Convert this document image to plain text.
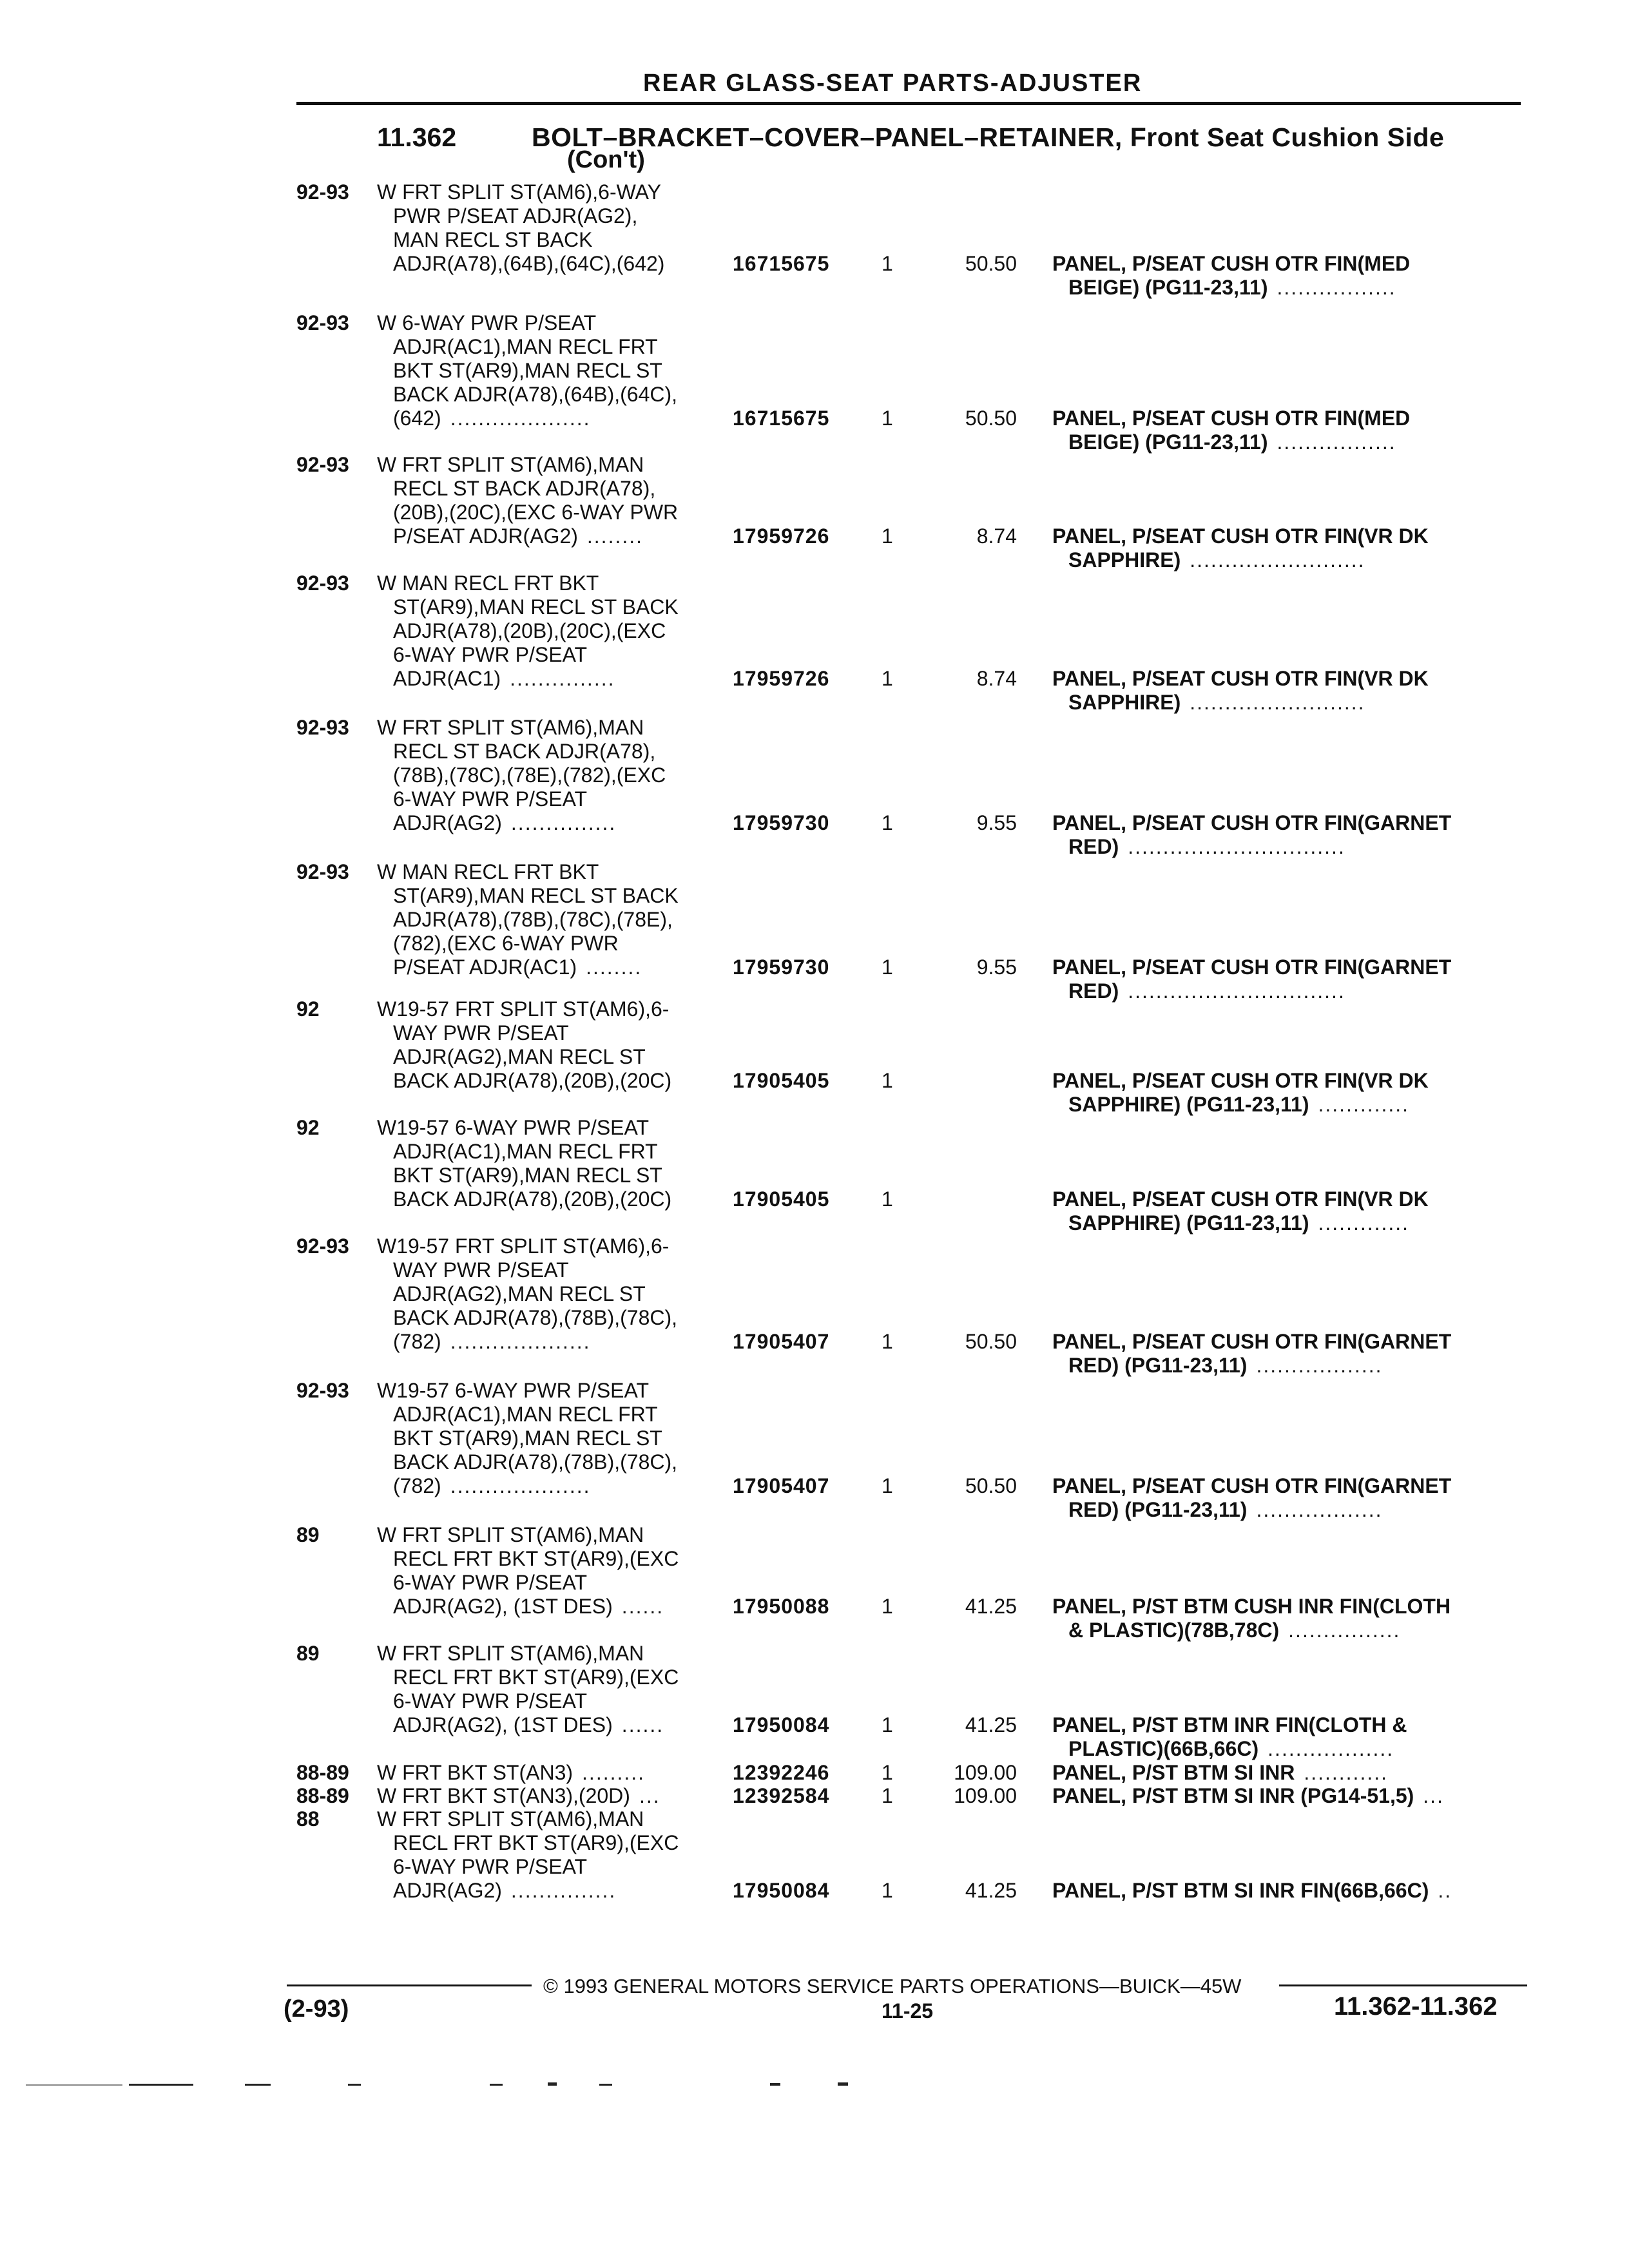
REAR GLASS-SEAT PARTS-ADJUSTER
11.362	BOLT–BRACKET–COVER–PANEL–RETAINER, Front Seat Cushion Side
(Con't)
92-93 W FRT SPLIT ST(AM6),6-WAY
PWR P/SEAT ADJR(AG2),
MAN RECL ST BACK
ADJR(A78),(64B),(64C),(642)	16715675	1	50.50 PANEL, P/SEAT CUSH OTR FIN(MED
BEIGE) (PG11-23,11) .................
92-93 W 6-WAY PWR P/SEAT
ADJR(AC1),MAN RECL FRT
BKT ST(AR9),MAN RECL ST
BACK ADJR(A78),(64B),(64C),
(642) ....................	16715675	1	50.50 PANEL, P/SEAT CUSH OTR FIN(MED
BEIGE) (PG11-23,11) .................
92-93 W FRT SPLIT ST(AM6),MAN
RECL ST BACK ADJR(A78),
(20B),(20C),(EXC 6-WAY PWR
P/SEAT ADJR(AG2) ........	17959726	1	8.74 PANEL, P/SEAT CUSH OTR FIN(VR DK
SAPPHIRE) .........................
92-93 W MAN RECL FRT BKT
ST(AR9),MAN RECL ST BACK
ADJR(A78),(20B),(20C),(EXC
6-WAY PWR P/SEAT
ADJR(AC1) ...............	17959726	1	8.74 PANEL, P/SEAT CUSH OTR FIN(VR DK
SAPPHIRE) .........................
92-93 W FRT SPLIT ST(AM6),MAN
RECL ST BACK ADJR(A78),
(78B),(78C),(78E),(782),(EXC
6-WAY PWR P/SEAT
ADJR(AG2) ...............	17959730	1	9.55 PANEL, P/SEAT CUSH OTR FIN(GARNET
RED) ...............................
92-93 W MAN RECL FRT BKT
ST(AR9),MAN RECL ST BACK
ADJR(A78),(78B),(78C),(78E),
(782),(EXC 6-WAY PWR
P/SEAT ADJR(AC1) ........	17959730	1	9.55 PANEL, P/SEAT CUSH OTR FIN(GARNET
RED) ...............................
92	W19-57 FRT SPLIT ST(AM6),6-
WAY PWR P/SEAT
ADJR(AG2),MAN RECL ST
BACK ADJR(A78),(20B),(20C)	17905405	1	PANEL, P/SEAT CUSH OTR FIN(VR DK
SAPPHIRE) (PG11-23,11) .............
92	W19-57 6-WAY PWR P/SEAT
ADJR(AC1),MAN RECL FRT
BKT ST(AR9),MAN RECL ST
BACK ADJR(A78),(20B),(20C)	17905405	1	PANEL, P/SEAT CUSH OTR FIN(VR DK
SAPPHIRE) (PG11-23,11) .............
92-93 W19-57 FRT SPLIT ST(AM6),6-
WAY PWR P/SEAT
ADJR(AG2),MAN RECL ST
BACK ADJR(A78),(78B),(78C),
(782) ....................	17905407	1	50.50 PANEL, P/SEAT CUSH OTR FIN(GARNET
RED) (PG11-23,11) ..................
92-93 W19-57 6-WAY PWR P/SEAT
ADJR(AC1),MAN RECL FRT
BKT ST(AR9),MAN RECL ST
BACK ADJR(A78),(78B),(78C),
(782) ....................	17905407	1	50.50 PANEL, P/SEAT CUSH OTR FIN(GARNET
RED) (PG11-23,11) ..................
89	W FRT SPLIT ST(AM6),MAN
RECL FRT BKT ST(AR9),(EXC
6-WAY PWR P/SEAT
ADJR(AG2), (1ST DES) ......	17950088	1	41.25 PANEL, P/ST BTM CUSH INR FIN(CLOTH
& PLASTIC)(78B,78C) ................
89	W FRT SPLIT ST(AM6),MAN
RECL FRT BKT ST(AR9),(EXC
6-WAY PWR P/SEAT
ADJR(AG2), (1ST DES) ......	17950084	1	41.25 PANEL, P/ST BTM INR FIN(CLOTH &
PLASTIC)(66B,66C) ..................
88-89 W FRT BKT ST(AN3) .........	12392246	1	109.00 PANEL, P/ST BTM SI INR ............
88-89 W FRT BKT ST(AN3),(20D) ...	12392584	1	109.00 PANEL, P/ST BTM SI INR (PG14-51,5) ...
88	W FRT SPLIT ST(AM6),MAN
RECL FRT BKT ST(AR9),(EXC
6-WAY PWR P/SEAT
ADJR(AG2) ...............	17950084	1	41.25 PANEL, P/ST BTM SI INR FIN(66B,66C) ..
© 1993 GENERAL MOTORS SERVICE PARTS OPERATIONS—BUICK—45W
(2-93)	11-25	11.362-11.362
